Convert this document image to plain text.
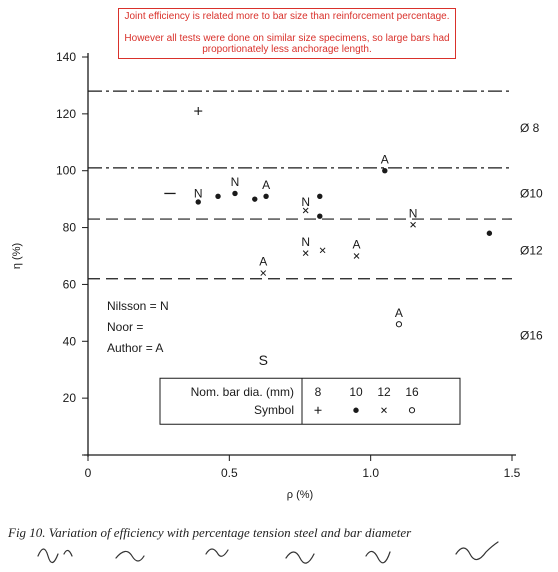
20
40
60
80
100
120
140
0	0.5	1.0	1.5
ρ (%)
η (%)
Ø 8
Ø10
Ø12
Ø16
N
N A
N
N	A
N
A
A
A
S
Nilsson = N
Noor =
Author = A
Nom. bar dia. (mm)
Symbol
8 10 12 16
Joint efficiency is related more to bar size than reinforcement percentage.
However all tests were done on similar size specimens, so large bars had proportionately less anchorage length.
Fig 10. Variation of efficiency with percentage tension steel and bar diameter
